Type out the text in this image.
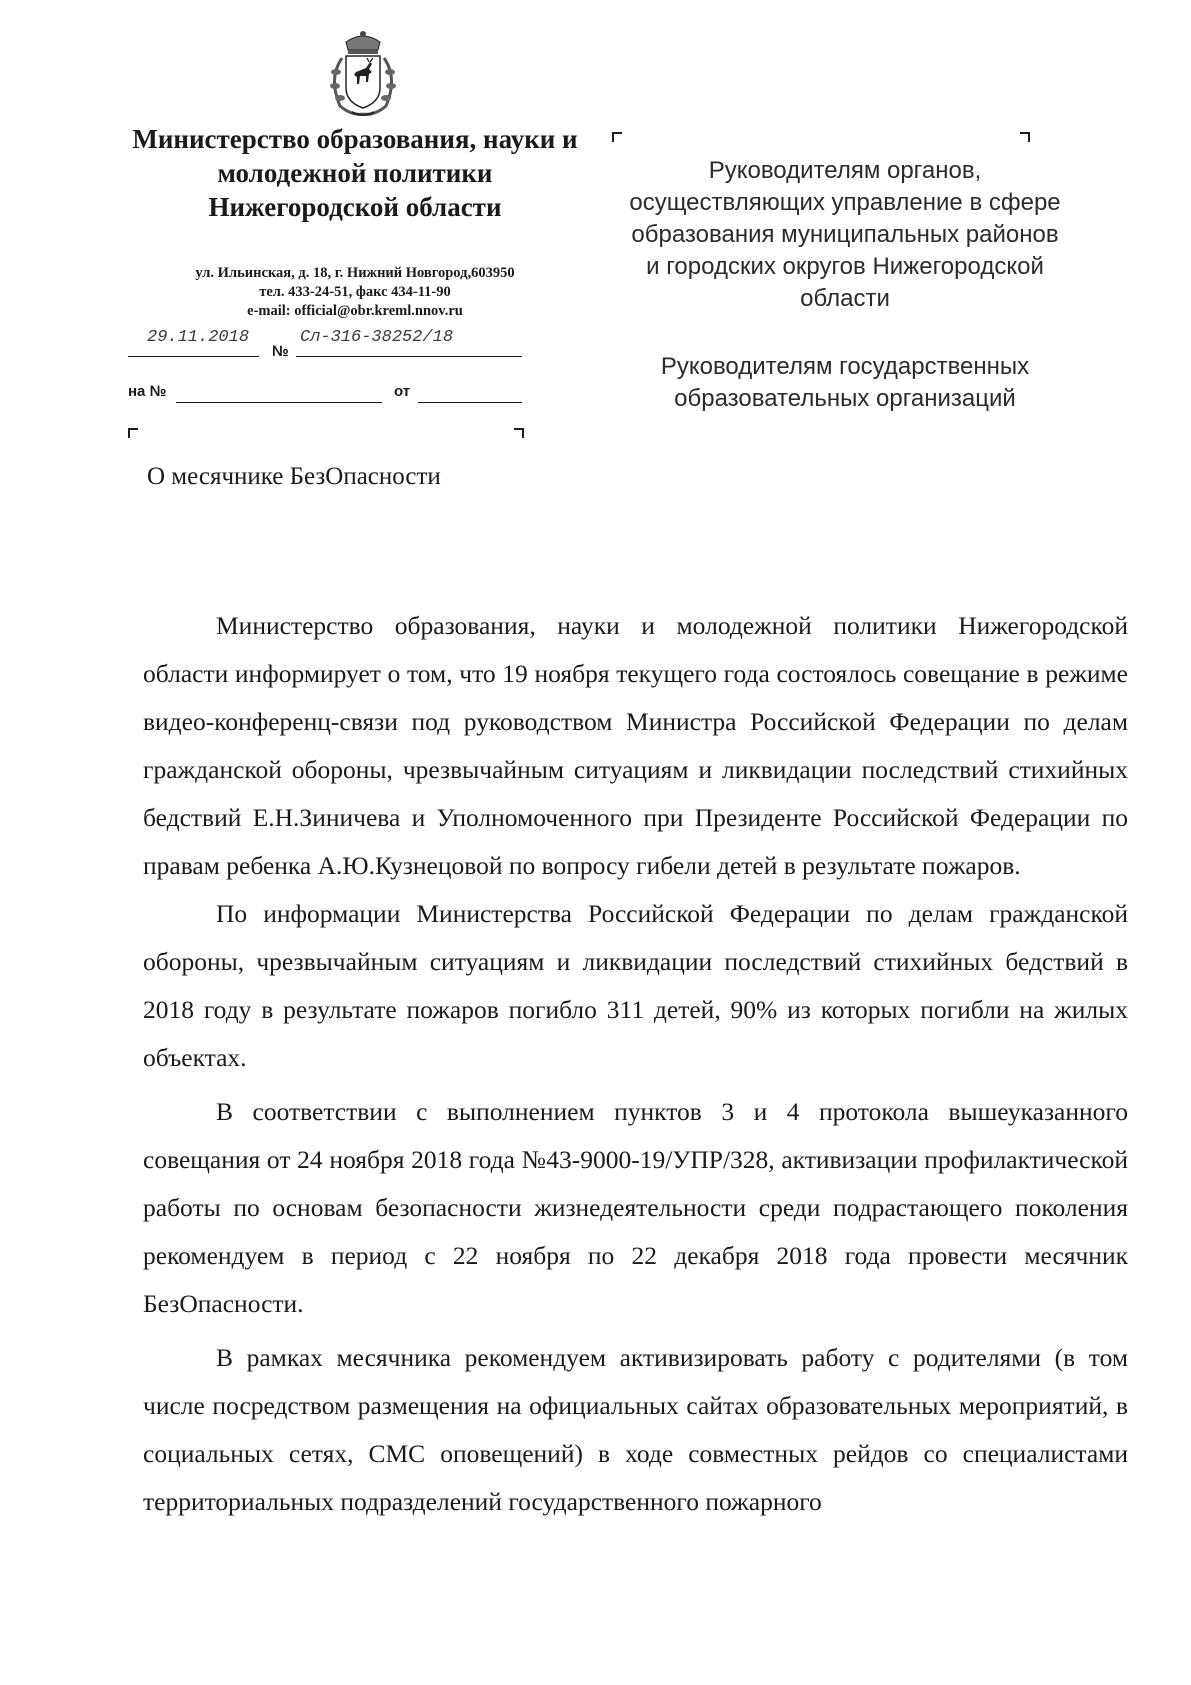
Министерство образования, науки и молодежной политики Нижегородской области
ул. Ильинская, д. 18, г. Нижний Новгород,603950
тел. 433-24-51, факс 434-11-90
e-mail: official@obr.kreml.nnov.ru
29.11.2018
№
Сл-316-38252/18
на №	от
О месячнике БезОпасности
Руководителям органов, осуществляющих управление в сфере образования муниципальных районов и городских округов Нижегородской области
Руководителям государственных образовательных организаций

Министерство образования, науки и молодежной политики Нижегородской области информирует о том, что 19 ноября текущего года состоялось совещание в режиме видео-конференц-связи под руководством Министра Российской Федерации по делам гражданской обороны, чрезвычайным ситуациям и ликвидации последствий стихийных бедствий Е.Н.Зиничева и Уполномоченного при Президенте Российской Федерации по правам ребенка А.Ю.Кузнецовой по вопросу гибели детей в результате пожаров.

По информации Министерства Российской Федерации по делам гражданской обороны, чрезвычайным ситуациям и ликвидации последствий стихийных бедствий в 2018 году в результате пожаров погибло 311 детей, 90% из которых погибли на жилых объектах.

В соответствии с выполнением пунктов 3 и 4 протокола вышеуказанного совещания от 24 ноября 2018 года №43-9000-19/УПР/328, активизации профилактической работы по основам безопасности жизнедеятельности среди подрастающего поколения рекомендуем в период с 22 ноября по 22 декабря 2018 года провести месячник БезОпасности.

В рамках месячника рекомендуем активизировать работу с родителями (в том числе посредством размещения на официальных сайтах образовательных мероприятий, в социальных сетях, СМС оповещений) в ходе совместных рейдов со специалистами территориальных подразделений государственного пожарного
